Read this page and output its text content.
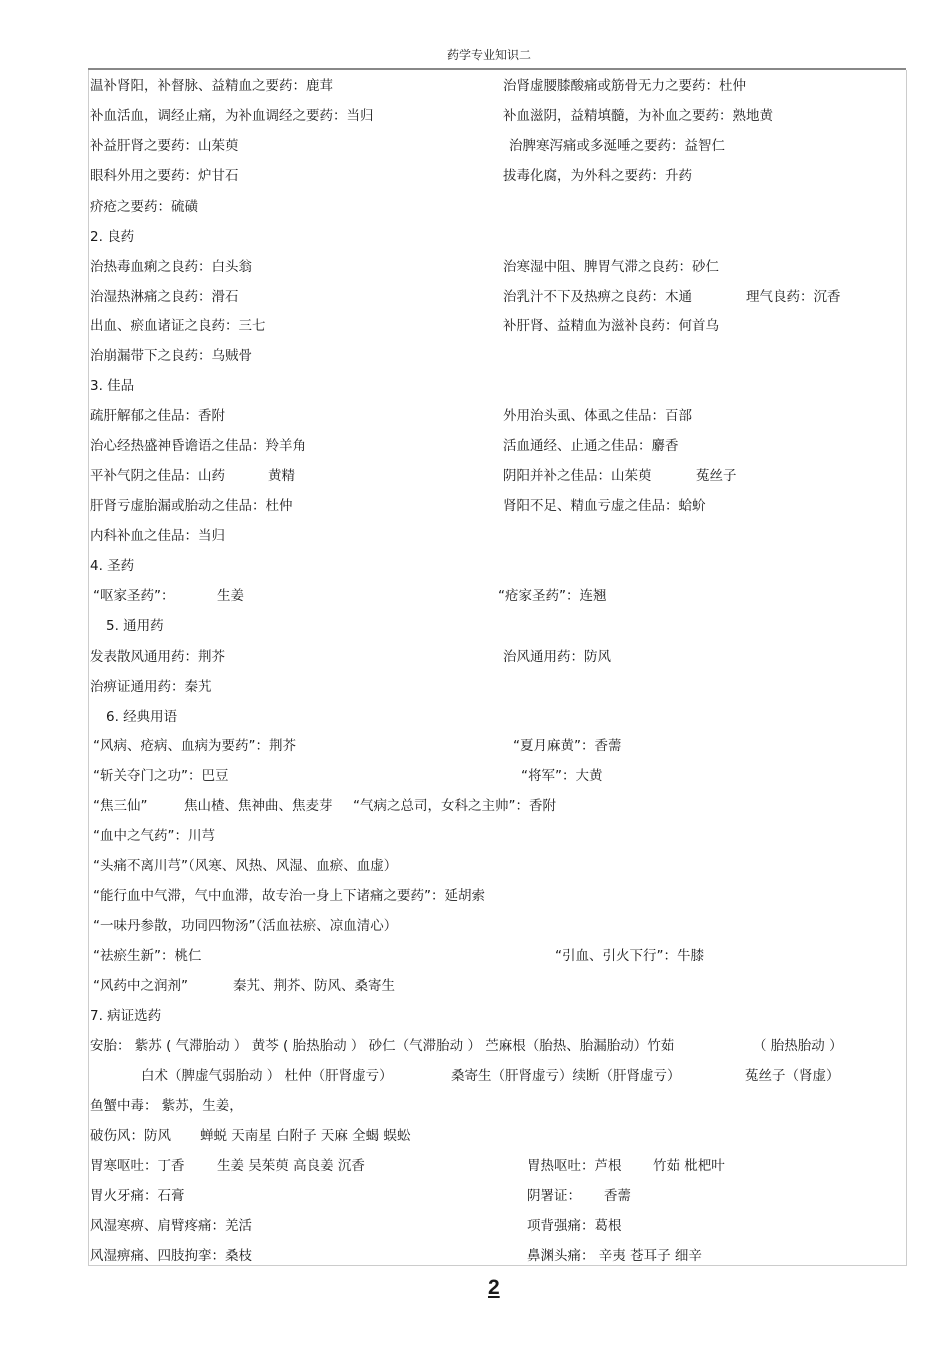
药学专业知识二
温补肾阳，补督脉、益精血之要药：鹿茸	治肾虚腰膝酸痛或筋骨无力之要药：杜仲
补血活血，调经止痛，为补血调经之要药：当归	补血滋阴，益精填髓，为补血之要药：熟地黄
补益肝肾之要药：山茱萸	治脾寒泻痛或多涎唾之要药：益智仁
眼科外用之要药：炉甘石	拔毒化腐，为外科之要药：升药
疥疮之要药：硫磺
2. 良药
治热毒血痢之良药：白头翁	治寒湿中阻、脾胃气滞之良药：砂仁
治湿热淋痛之良药：滑石	治乳汁不下及热痹之良药：木通	理气良药：沉香
出血、瘀血诸证之良药：三七	补肝肾、益精血为滋补良药：何首乌
治崩漏带下之良药：乌贼骨
3. 佳品
疏肝解郁之佳品：香附	外用治头虱、体虱之佳品：百部
治心经热盛神昏谵语之佳品：羚羊角	活血通经、止通之佳品：麝香
平补气阴之佳品：山药	黄精	阴阳并补之佳品：山茱萸	菟丝子
肝肾亏虚胎漏或胎动之佳品：杜仲	肾阳不足、精血亏虚之佳品：蛤蚧
内科补血之佳品：当归
4. 圣药
“呕家圣药”：	生姜	“疮家圣药”：连翘
5. 通用药
发表散风通用药：荆芥	治风通用药：防风
治痹证通用药：秦艽
6. 经典用语
“风病、疮病、血病为要药”：荆芥	“夏月麻黄”：香薷
“斩关夺门之功”：巴豆	“将军”：大黄
“焦三仙”	焦山楂、焦神曲、焦麦芽 “气病之总司，女科之主帅”：香附
“血中之气药”：川芎
“头痛不离川芎”（风寒、风热、风湿、血瘀、血虚）
“能行血中气滞，气中血滞，故专治一身上下诸痛之要药”：延胡索
“一味丹参散，功同四物汤”（活血祛瘀、凉血清心）
“祛瘀生新”：桃仁	“引血、引火下行”：牛膝
“风药中之润剂”	秦艽、荆芥、防风、桑寄生
7. 病证选药
安胎： 紫苏 ( 气滞胎动 ） 黄芩 ( 胎热胎动 ） 砂仁（气滞胎动 ） 苎麻根（胎热、胎漏胎动）竹茹	（ 胎热胎动 ）
白术（脾虚气弱胎动 ） 杜仲（肝肾虚亏）	桑寄生（肝肾虚亏）续断（肝肾虚亏）	菟丝子（肾虚）
鱼蟹中毒： 紫苏，生姜，
破伤风：防风 蝉蜕 天南星 白附子 天麻 全蝎 蜈蚣
胃寒呕吐：丁香 生姜 吴茱萸 高良姜 沉香	胃热呕吐：芦根 竹茹 枇杷叶
胃火牙痛：石膏	阴署证： 香薷
风湿寒痹、肩臂疼痛：羌活	项背强痛：葛根
风湿痹痛、四肢拘挛：桑枝	鼻渊头痛： 辛夷 苍耳子 细辛
2
